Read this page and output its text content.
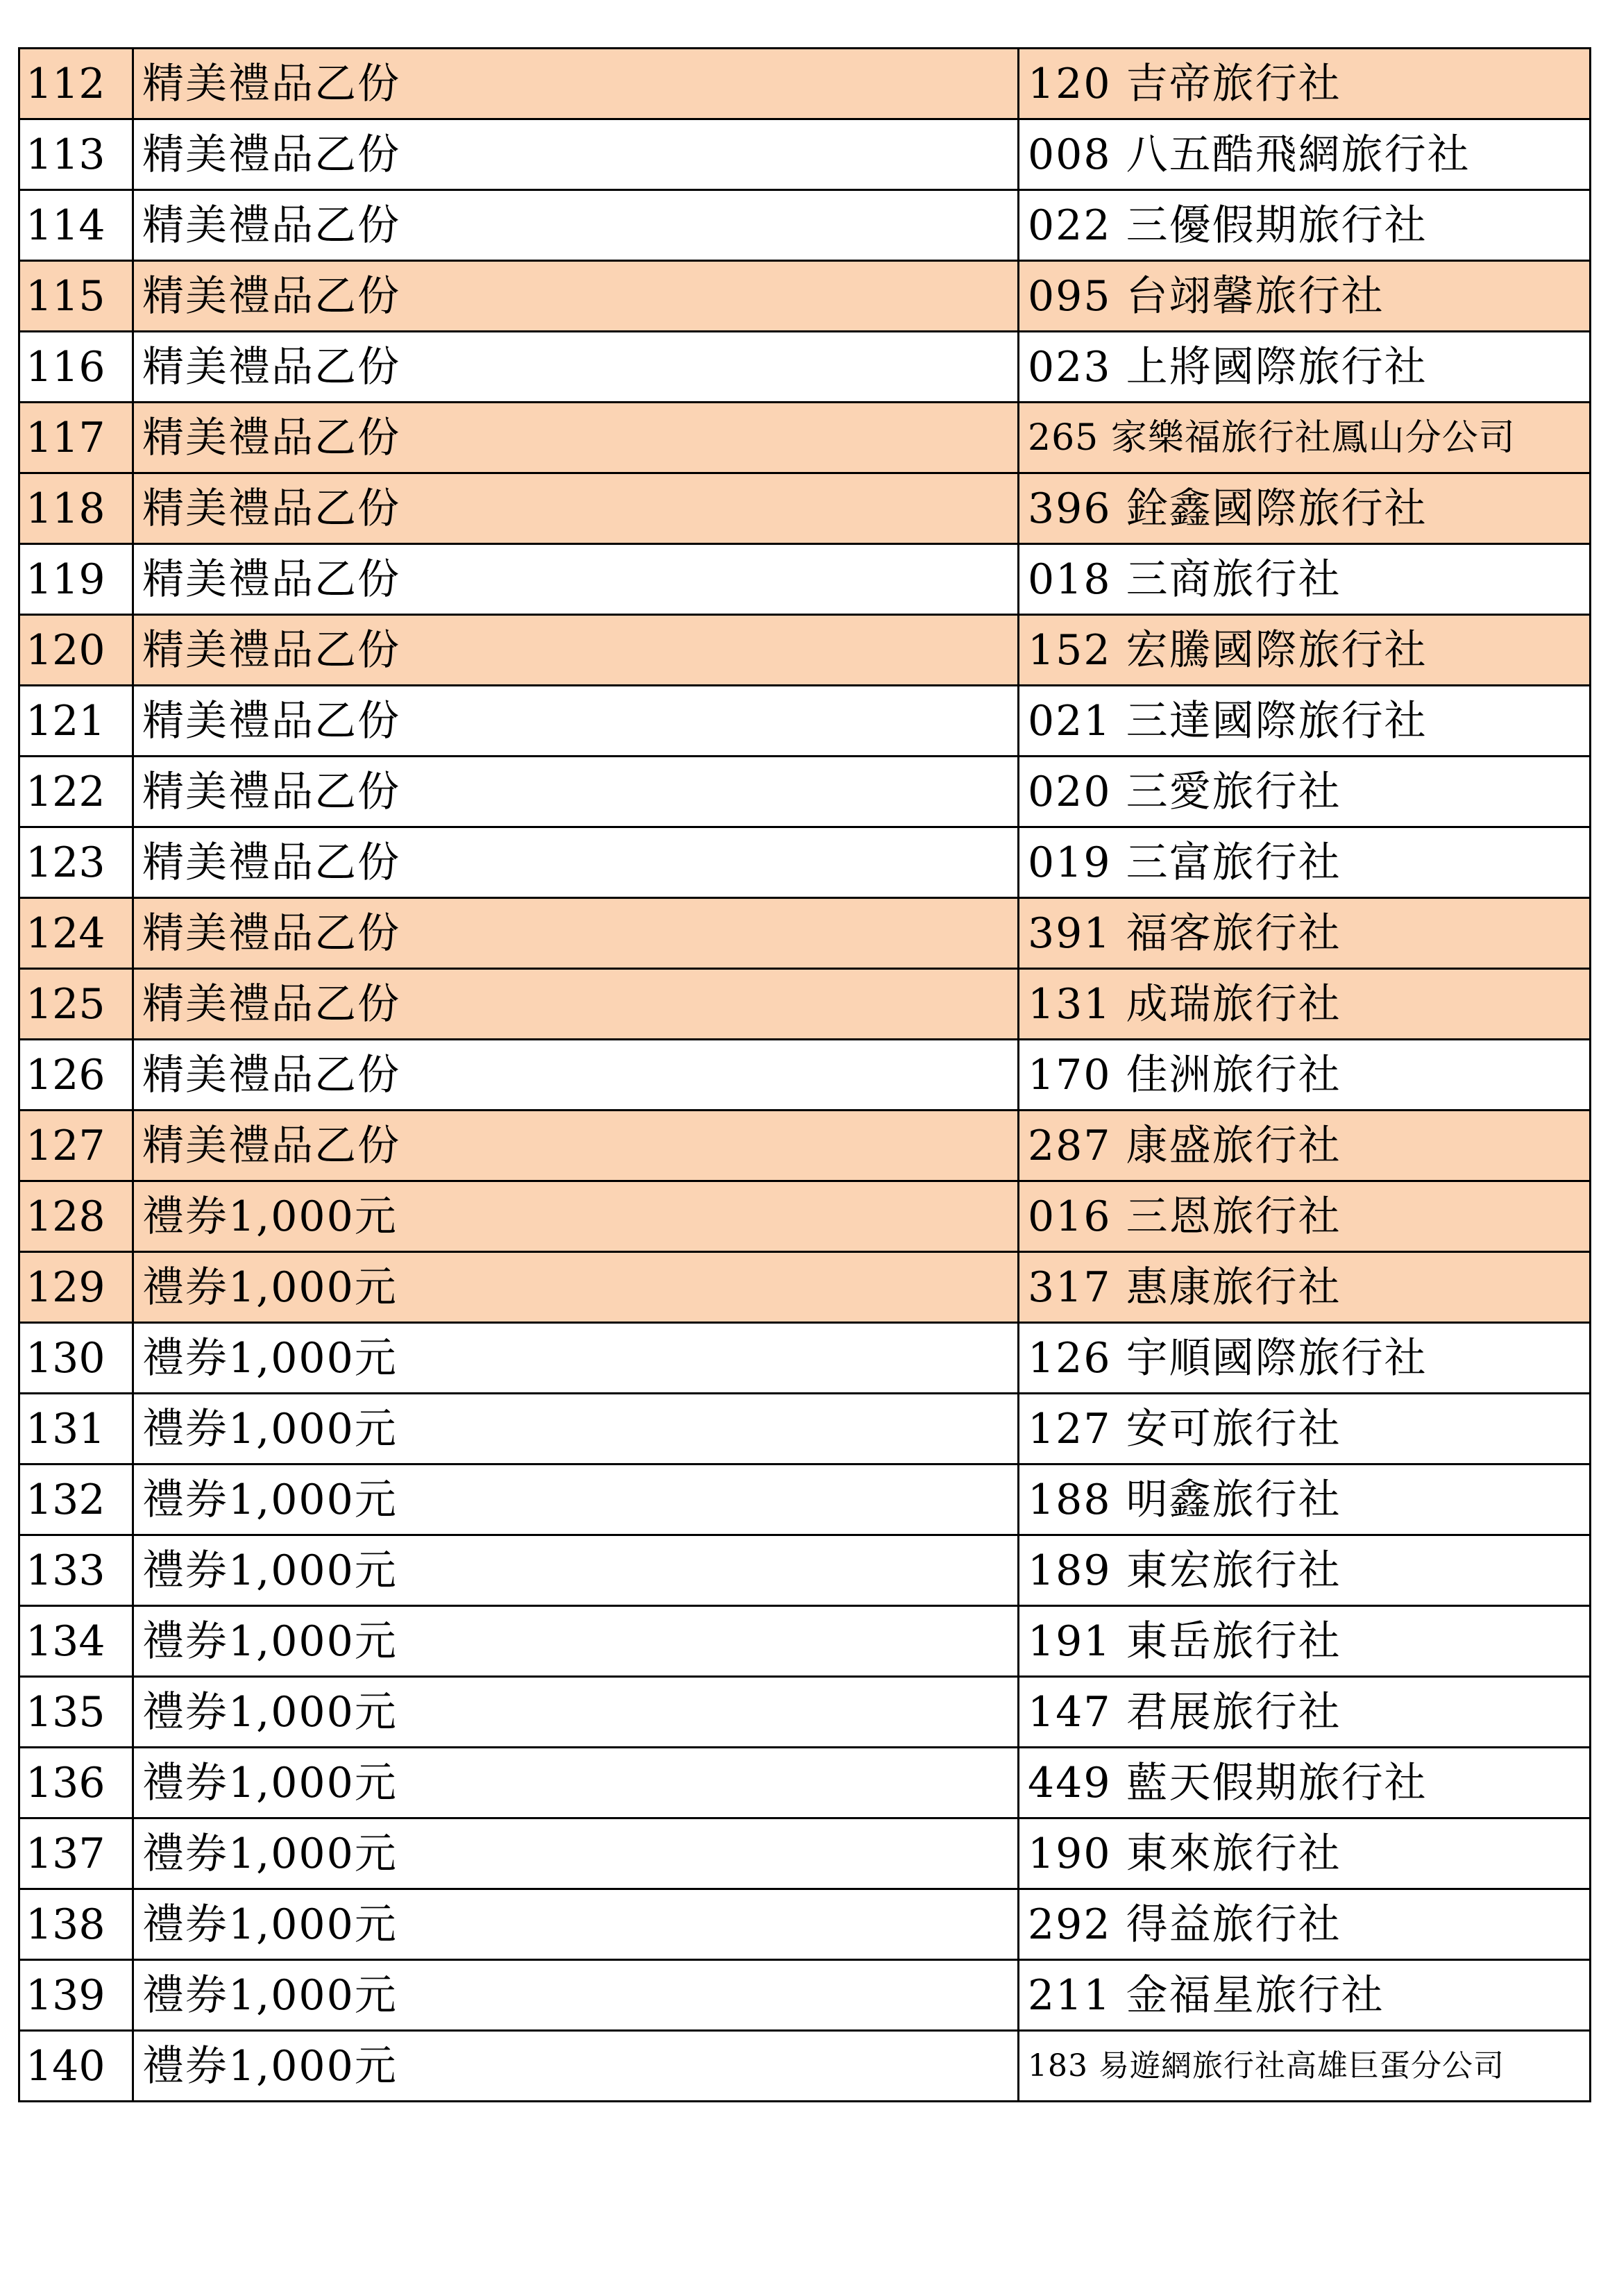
112	精美禮品乙份	120 吉帝旅行社
113	精美禮品乙份	008 八五酷飛網旅行社
114	精美禮品乙份	022 三優假期旅行社
115	精美禮品乙份	095 台翊馨旅行社
116	精美禮品乙份	023 上將國際旅行社
117	精美禮品乙份	265 家樂福旅行社鳳山分公司
118	精美禮品乙份	396 銓鑫國際旅行社
119	精美禮品乙份	018 三商旅行社
120	精美禮品乙份	152 宏騰國際旅行社
121	精美禮品乙份	021 三達國際旅行社
122	精美禮品乙份	020 三愛旅行社
123	精美禮品乙份	019 三富旅行社
124	精美禮品乙份	391 福客旅行社
125	精美禮品乙份	131 成瑞旅行社
126	精美禮品乙份	170 佳洲旅行社
127	精美禮品乙份	287 康盛旅行社
128	禮券1,000元	016 三恩旅行社
129	禮券1,000元	317 惠康旅行社
130	禮券1,000元	126 宇順國際旅行社
131	禮券1,000元	127 安可旅行社
132	禮券1,000元	188 明鑫旅行社
133	禮券1,000元	189 東宏旅行社
134	禮券1,000元	191 東岳旅行社
135	禮券1,000元	147 君展旅行社
136	禮券1,000元	449 藍天假期旅行社
137	禮券1,000元	190 東來旅行社
138	禮券1,000元	292 得益旅行社
139	禮券1,000元	211 金福星旅行社
140	禮券1,000元	183 易遊網旅行社高雄巨蛋分公司
